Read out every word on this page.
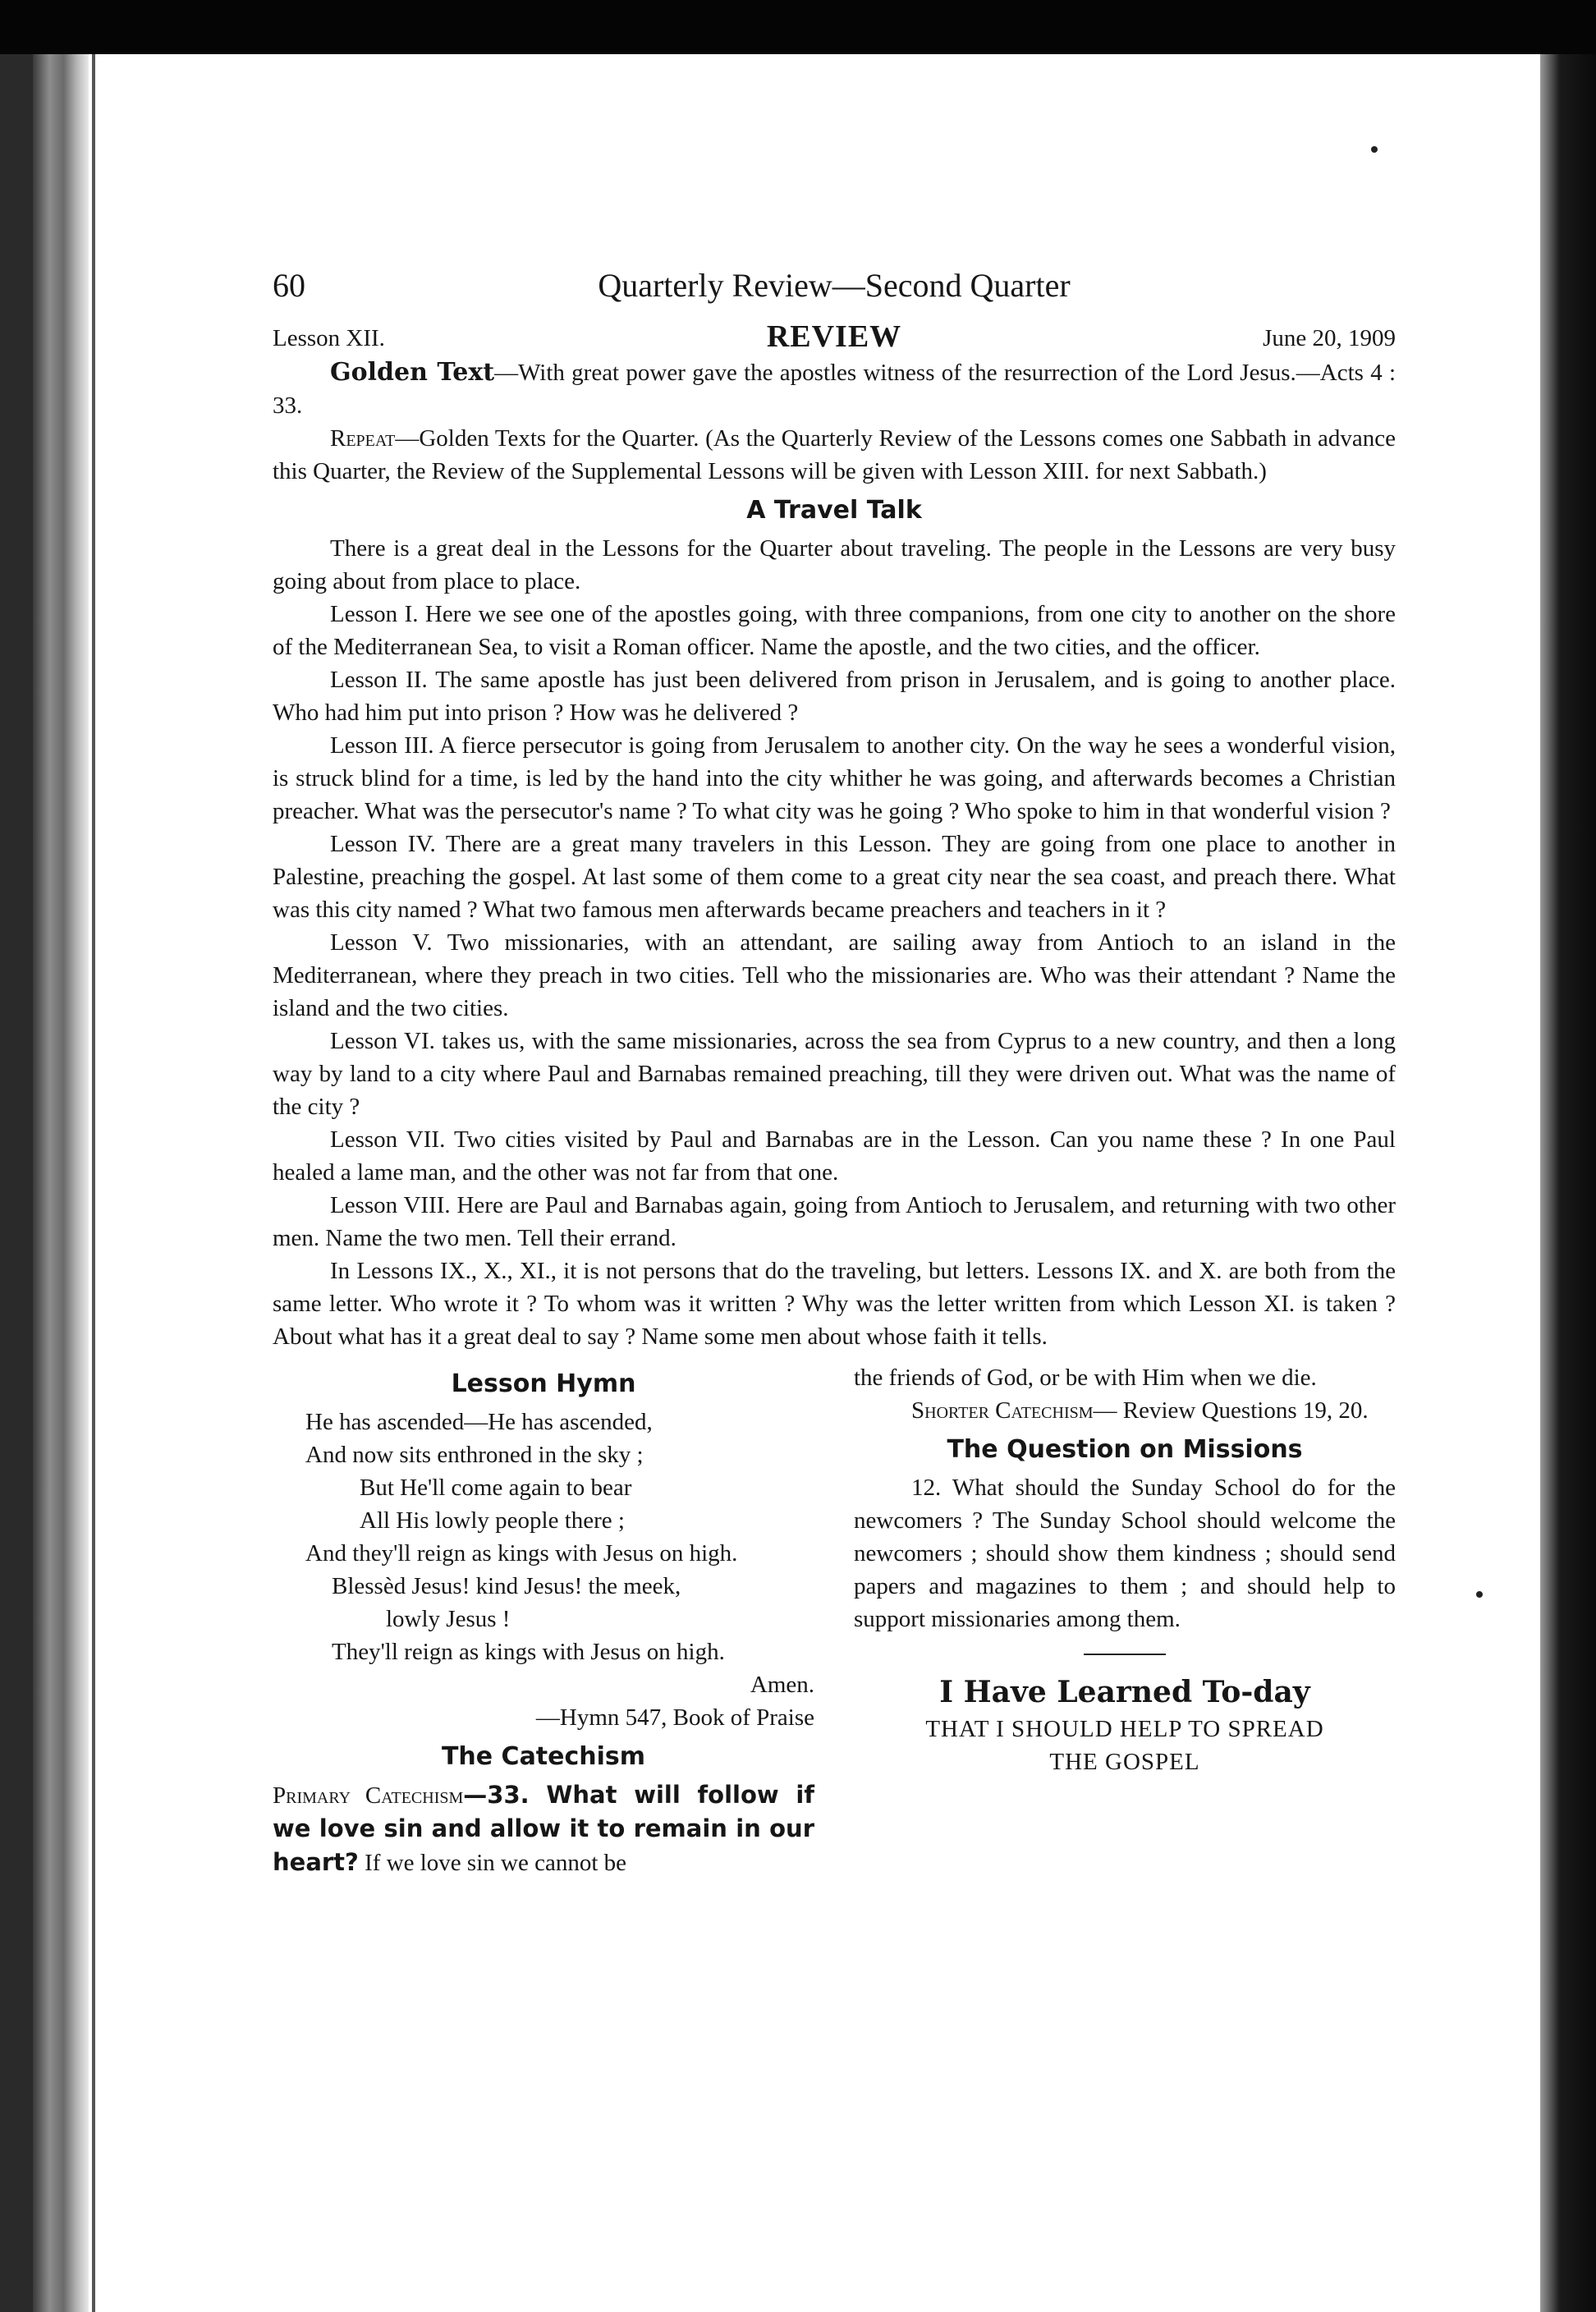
60	Quarterly Review—Second Quarter
Lesson XII.	REVIEW	June 20, 1909

Golden Text—With great power gave the apostles witness of the resurrection of the Lord Jesus.—Acts 4 : 33.

Repeat—Golden Texts for the Quarter. (As the Quarterly Review of the Lessons comes one Sabbath in advance this Quarter, the Review of the Supplemental Lessons will be given with Lesson XIII. for next Sabbath.)

A Travel Talk

There is a great deal in the Lessons for the Quarter about traveling. The people in the Lessons are very busy going about from place to place.

Lesson I. Here we see one of the apostles going, with three companions, from one city to another on the shore of the Mediterranean Sea, to visit a Roman officer. Name the apostle, and the two cities, and the officer.

Lesson II. The same apostle has just been delivered from prison in Jerusalem, and is going to another place. Who had him put into prison ? How was he delivered ?

Lesson III. A fierce persecutor is going from Jerusalem to another city. On the way he sees a wonderful vision, is struck blind for a time, is led by the hand into the city whither he was going, and afterwards becomes a Christian preacher. What was the persecutor's name ? To what city was he going ? Who spoke to him in that wonderful vision ?

Lesson IV. There are a great many travelers in this Lesson. They are going from one place to another in Palestine, preaching the gospel. At last some of them come to a great city near the sea coast, and preach there. What was this city named ? What two famous men afterwards became preachers and teachers in it ?

Lesson V. Two missionaries, with an attendant, are sailing away from Antioch to an island in the Mediterranean, where they preach in two cities. Tell who the missionaries are. Who was their attendant ? Name the island and the two cities.

Lesson VI. takes us, with the same missionaries, across the sea from Cyprus to a new country, and then a long way by land to a city where Paul and Barnabas remained preaching, till they were driven out. What was the name of the city ?

Lesson VII. Two cities visited by Paul and Barnabas are in the Lesson. Can you name these ? In one Paul healed a lame man, and the other was not far from that one.

Lesson VIII. Here are Paul and Barnabas again, going from Antioch to Jerusalem, and returning with two other men. Name the two men. Tell their errand.

In Lessons IX., X., XI., it is not persons that do the traveling, but letters. Lessons IX. and X. are both from the same letter. Who wrote it ? To whom was it written ? Why was the letter written from which Lesson XI. is taken ? About what has it a great deal to say ? Name some men about whose faith it tells.

Lesson Hymn

He has ascended—He has ascended,

And now sits enthroned in the sky ;

But He'll come again to bear

All His lowly people there ;

And they'll reign as kings with Jesus on high.

Blessèd Jesus! kind Jesus! the meek,

lowly Jesus !

They'll reign as kings with Jesus on high.

Amen.

—Hymn 547, Book of Praise

The Catechism

Primary Catechism—33. What will follow if we love sin and allow it to remain in our heart? If we love sin we cannot be

the friends of God, or be with Him when we die.

Shorter Catechism— Review Questions 19, 20.

The Question on Missions

12. What should the Sunday School do for the newcomers ? The Sunday School should welcome the newcomers ; should show them kindness ; should send papers and magazines to them ; and should help to support missionaries among them.

I Have Learned To-day
THAT I SHOULD HELP TO SPREAD
THE GOSPEL
